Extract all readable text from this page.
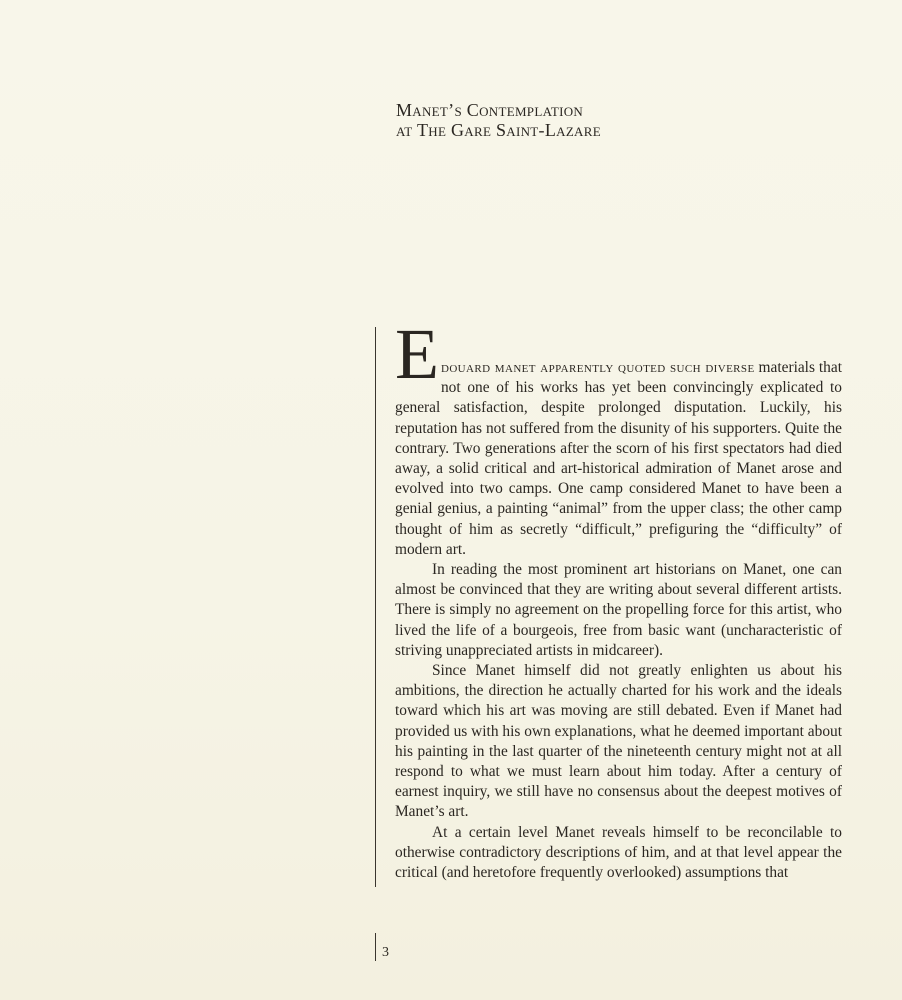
Manet’s Contemplation
at The Gare Saint-Lazare

Edouard manet apparently quoted such diverse materials that not one of his works has yet been convincingly explicated to general satisfaction, despite prolonged disputation. Luckily, his reputation has not suffered from the disunity of his supporters. Quite the contrary. Two generations after the scorn of his first spectators had died away, a solid critical and art-historical admiration of Manet arose and evolved into two camps. One camp considered Manet to have been a genial genius, a painting “animal” from the upper class; the other camp thought of him as secretly “difficult,” prefiguring the “difficulty” of modern art.

In reading the most prominent art historians on Manet, one can almost be convinced that they are writing about several different artists. There is simply no agreement on the propelling force for this artist, who lived the life of a bourgeois, free from basic want (uncharacteristic of striving unappreciated artists in midcareer).

Since Manet himself did not greatly enlighten us about his ambitions, the direction he actually charted for his work and the ideals toward which his art was moving are still debated. Even if Manet had provided us with his own explanations, what he deemed important about his painting in the last quarter of the nineteenth century might not at all respond to what we must learn about him today. After a century of earnest inquiry, we still have no consensus about the deepest motives of Manet’s art.

At a certain level Manet reveals himself to be reconcilable to otherwise contradictory descriptions of him, and at that level appear the critical (and heretofore frequently overlooked) assumptions that

3
